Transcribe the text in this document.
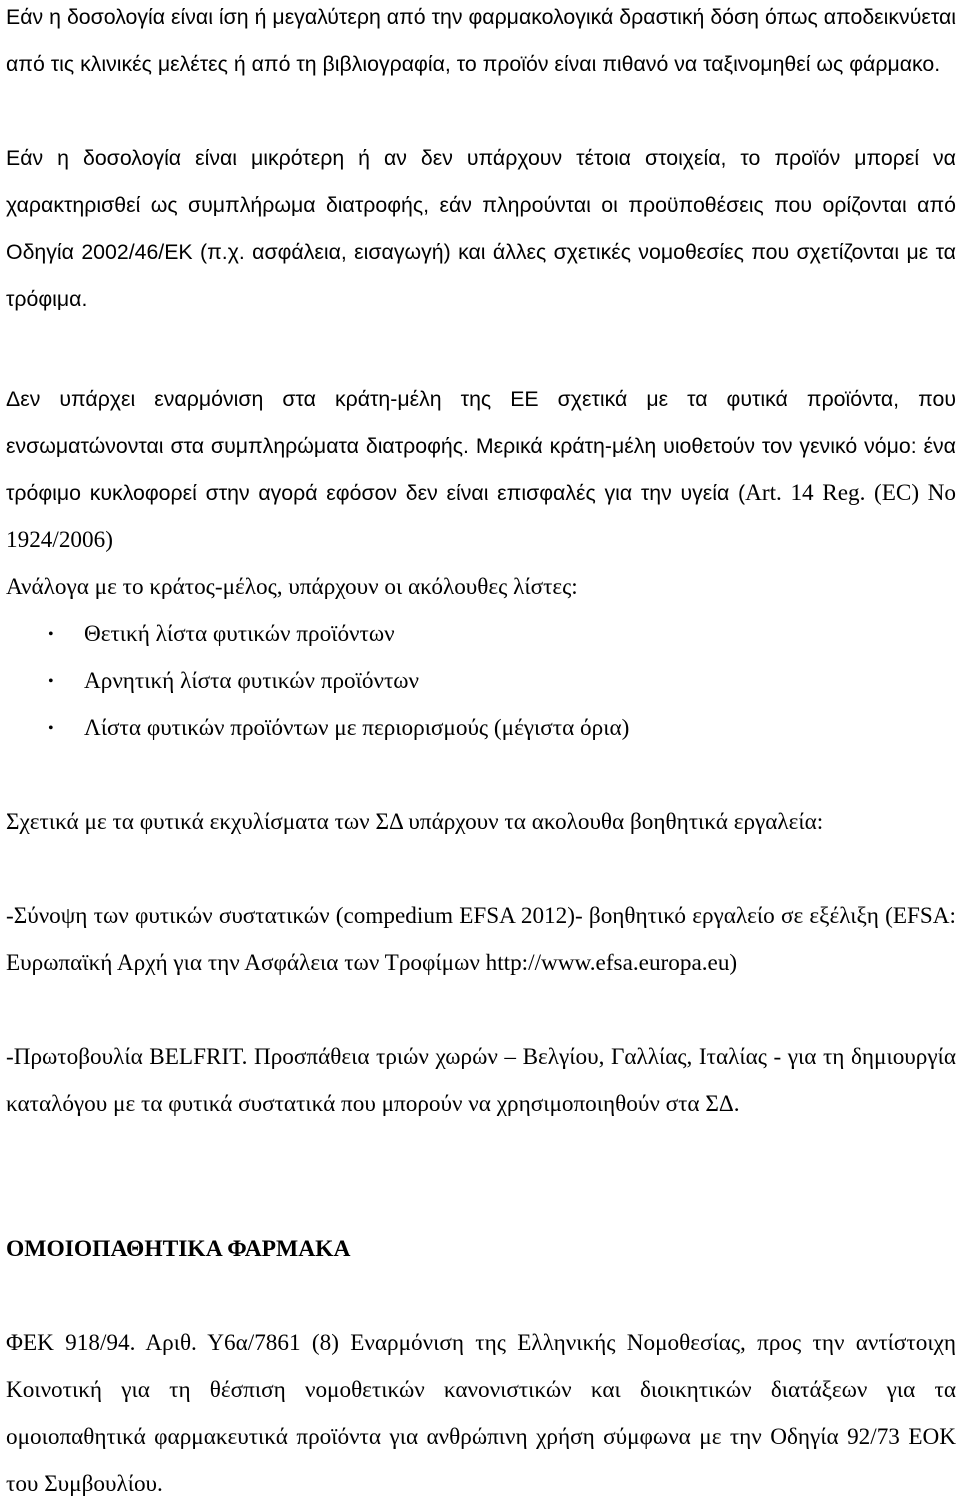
Εάν η δοσολογία είναι ίση ή μεγαλύτερη από την φαρμακολογικά δραστική δόση όπως αποδεικνύεται από τις κλινικές μελέτες ή από τη βιβλιογραφία, το προϊόν είναι πιθανό να ταξινομηθεί ως φάρμακο.

Εάν η δοσολογία είναι μικρότερη ή αν δεν υπάρχουν τέτοια στοιχεία, το προϊόν μπορεί να χαρακτηρισθεί ως συμπλήρωμα διατροφής, εάν πληρούνται οι προϋποθέσεις που ορίζονται από Οδηγία 2002/46/ΕΚ (π.χ. ασφάλεια, εισαγωγή) και άλλες σχετικές νομοθεσίες που σχετίζονται με τα τρόφιμα.

Δεν υπάρχει εναρμόνιση στα κράτη-μέλη της ΕΕ σχετικά με τα φυτικά προϊόντα, που ενσωματώνονται στα συμπληρώματα διατροφής. Μερικά κράτη-μέλη υιοθετούν τον γενικό νόμο: ένα τρόφιμο κυκλοφορεί στην αγορά εφόσον δεν είναι επισφαλές για την υγεία (Art. 14 Reg. (EC) No 1924/2006)

Ανάλογα με το κράτος-μέλος, υπάρχουν οι ακόλουθες λίστες:

• Θετική λίστα φυτικών προϊόντων
• Αρνητική λίστα φυτικών προϊόντων
• Λίστα φυτικών προϊόντων με περιορισμούς (μέγιστα όρια)

Σχετικά με τα φυτικά εκχυλίσματα των ΣΔ υπάρχουν τα ακολουθα βοηθητικά εργαλεία:

-Σύνοψη των φυτικών συστατικών (compedium EFSA 2012)- βοηθητικό εργαλείο σε εξέλιξη (EFSA: Ευρωπαϊκή Αρχή για την Ασφάλεια των Τροφίμων http://www.efsa.europa.eu)

-Πρωτοβουλία BELFRIT. Προσπάθεια τριών χωρών – Βελγίου, Γαλλίας, Ιταλίας - για τη δημιουργία καταλόγου με τα φυτικά συστατικά που μπορούν να χρησιμοποιηθούν στα ΣΔ.

ΟΜΟΙΟΠΑΘΗΤΙΚΑ ΦΑΡΜΑΚΑ

ΦΕΚ 918/94. Αριθ. Υ6α/7861 (8) Εναρμόνιση της Ελληνικής Νομοθεσίας, προς την αντίστοιχη Κοινοτική για τη θέσπιση νομοθετικών κανονιστικών και διοικητικών διατάξεων για τα ομοιοπαθητικά φαρμακευτικά προϊόντα για ανθρώπινη χρήση σύμφωνα με την Οδηγία 92/73 ΕΟΚ του Συμβουλίου.
